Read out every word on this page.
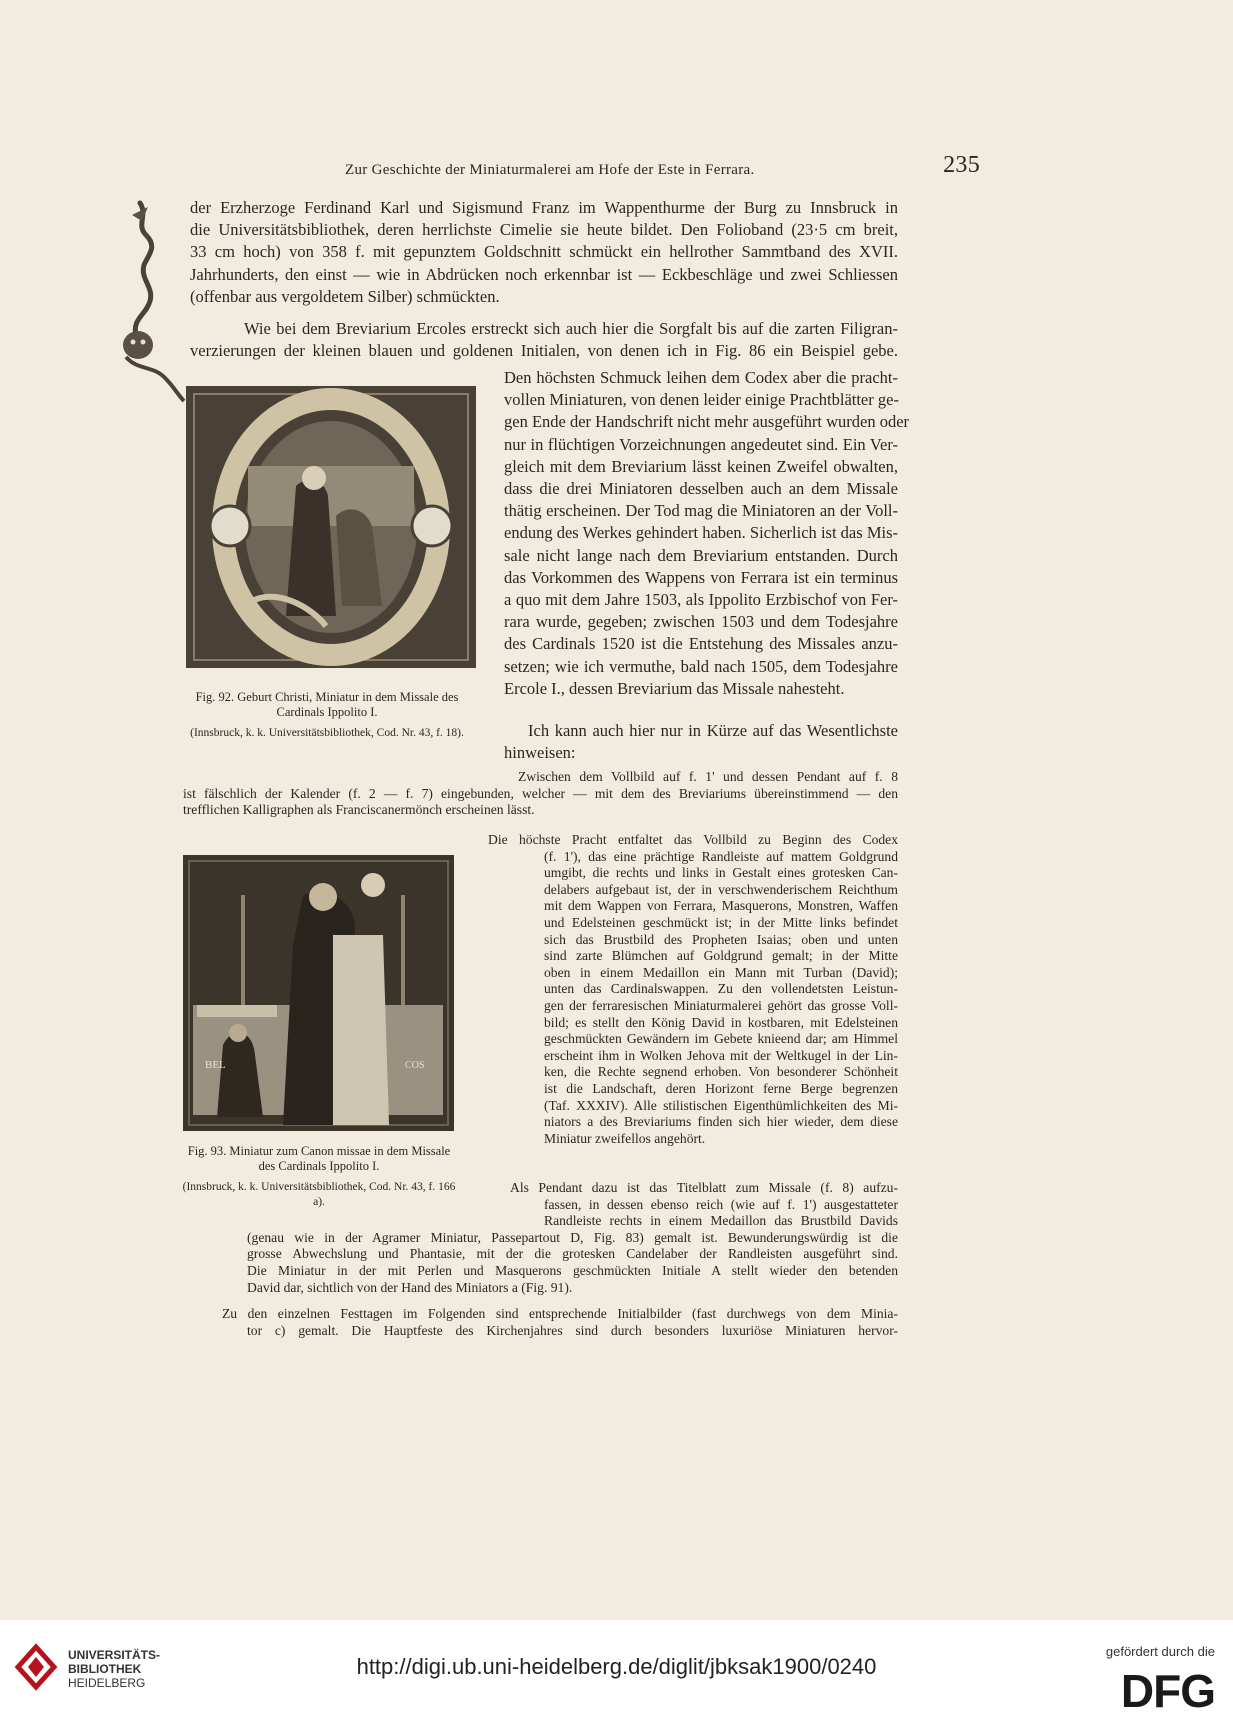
Zur Geschichte der Miniaturmalerei am Hofe der Este in Ferrara.	235
der Erzherzoge Ferdinand Karl und Sigismund Franz im Wappenthurme der Burg zu Innsbruck in
die Universitätsbibliothek, deren herrlichste Cimelie sie heute bildet. Den Folioband (23·5 cm breit,
33 cm hoch) von 358 f. mit gepunztem Goldschnitt schmückt ein hellrother Sammtband des XVII.
Jahrhunderts, den einst — wie in Abdrücken noch erkennbar ist — Eckbeschläge und zwei Schliessen
(offenbar aus vergoldetem Silber) schmückten.
Wie bei dem Breviarium Ercoles erstreckt sich auch hier die Sorgfalt bis auf die zarten Filigran-
verzierungen der kleinen blauen und goldenen Initialen, von denen ich in Fig. 86 ein Beispiel gebe.
Den höchsten Schmuck leihen dem Codex aber die pracht-
vollen Miniaturen, von denen leider einige Prachtblätter ge-
gen Ende der Handschrift nicht mehr ausgeführt wurden oder
nur in flüchtigen Vorzeichnungen angedeutet sind. Ein Ver-
gleich mit dem Breviarium lässt keinen Zweifel obwalten,
dass die drei Miniatoren desselben auch an dem Missale
thätig erscheinen. Der Tod mag die Miniatoren an der Voll-
endung des Werkes gehindert haben. Sicherlich ist das Mis-
sale nicht lange nach dem Breviarium entstanden. Durch
das Vorkommen des Wappens von Ferrara ist ein terminus
a quo mit dem Jahre 1503, als Ippolito Erzbischof von Fer-
rara wurde, gegeben; zwischen 1503 und dem Todesjahre
des Cardinals 1520 ist die Entstehung des Missales anzu-
setzen; wie ich vermuthe, bald nach 1505, dem Todesjahre
Ercole I., dessen Breviarium das Missale nahesteht.
Fig. 92. Geburt Christi, Miniatur in dem Missale des Cardinals Ippolito I.
(Innsbruck, k. k. Universitätsbibliothek, Cod. Nr. 43, f. 18).	Ich kann auch hier nur in Kürze auf das Wesentlichste
hinweisen:
Zwischen dem Vollbild auf f. 1' und dessen Pendant auf f. 8
ist fälschlich der Kalender (f. 2 — f. 7) eingebunden, welcher — mit dem des Breviariums übereinstimmend — den
trefflichen Kalligraphen als Franciscanermönch erscheinen lässt.
BEL	COS
Die höchste Pracht entfaltet das Vollbild zu Beginn des Codex
(f. 1'), das eine prächtige Randleiste auf mattem Goldgrund
umgibt, die rechts und links in Gestalt eines grotesken Can-
delabers aufgebaut ist, der in verschwenderischem Reichthum
mit dem Wappen von Ferrara, Masquerons, Monstren, Waffen
und Edelsteinen geschmückt ist; in der Mitte links befindet
sich das Brustbild des Propheten Isaias; oben und unten
sind zarte Blümchen auf Goldgrund gemalt; in der Mitte
oben in einem Medaillon ein Mann mit Turban (David);
unten das Cardinalswappen. Zu den vollendetsten Leistun-
gen der ferraresischen Miniaturmalerei gehört das grosse Voll-
bild; es stellt den König David in kostbaren, mit Edelsteinen
geschmückten Gewändern im Gebete knieend dar; am Himmel
erscheint ihm in Wolken Jehova mit der Weltkugel in der Lin-
ken, die Rechte segnend erhoben. Von besonderer Schönheit
ist die Landschaft, deren Horizont ferne Berge begrenzen
(Taf. XXXIV). Alle stilistischen Eigenthümlichkeiten des Mi-
niators a des Breviariums finden sich hier wieder, dem diese
Miniatur zweifellos angehört.
Fig. 93. Miniatur zum Canon missae in dem Missale des Cardinals Ippolito I.
(Innsbruck, k. k. Universitätsbibliothek, Cod. Nr. 43, f. 166 a).
Als Pendant dazu ist das Titelblatt zum Missale (f. 8) aufzu-
fassen, in dessen ebenso reich (wie auf f. 1') ausgestatteter
Randleiste rechts in einem Medaillon das Brustbild Davids
(genau wie in der Agramer Miniatur, Passepartout D, Fig. 83) gemalt ist. Bewunderungswürdig ist die
grosse Abwechslung und Phantasie, mit der die grotesken Candelaber der Randleisten ausgeführt sind.
Die Miniatur in der mit Perlen und Masquerons geschmückten Initiale A stellt wieder den betenden
David dar, sichtlich von der Hand des Miniators a (Fig. 91).
Zu den einzelnen Festtagen im Folgenden sind entsprechende Initialbilder (fast durchwegs von dem Minia-
tor c) gemalt. Die Hauptfeste des Kirchenjahres sind durch besonders luxuriöse Miniaturen hervor-
UNIVERSITÄTS-
BIBLIOTHEK
HEIDELBERG
http://digi.ub.uni-heidelberg.de/diglit/jbksak1900/0240
gefördert durch die
DFG
